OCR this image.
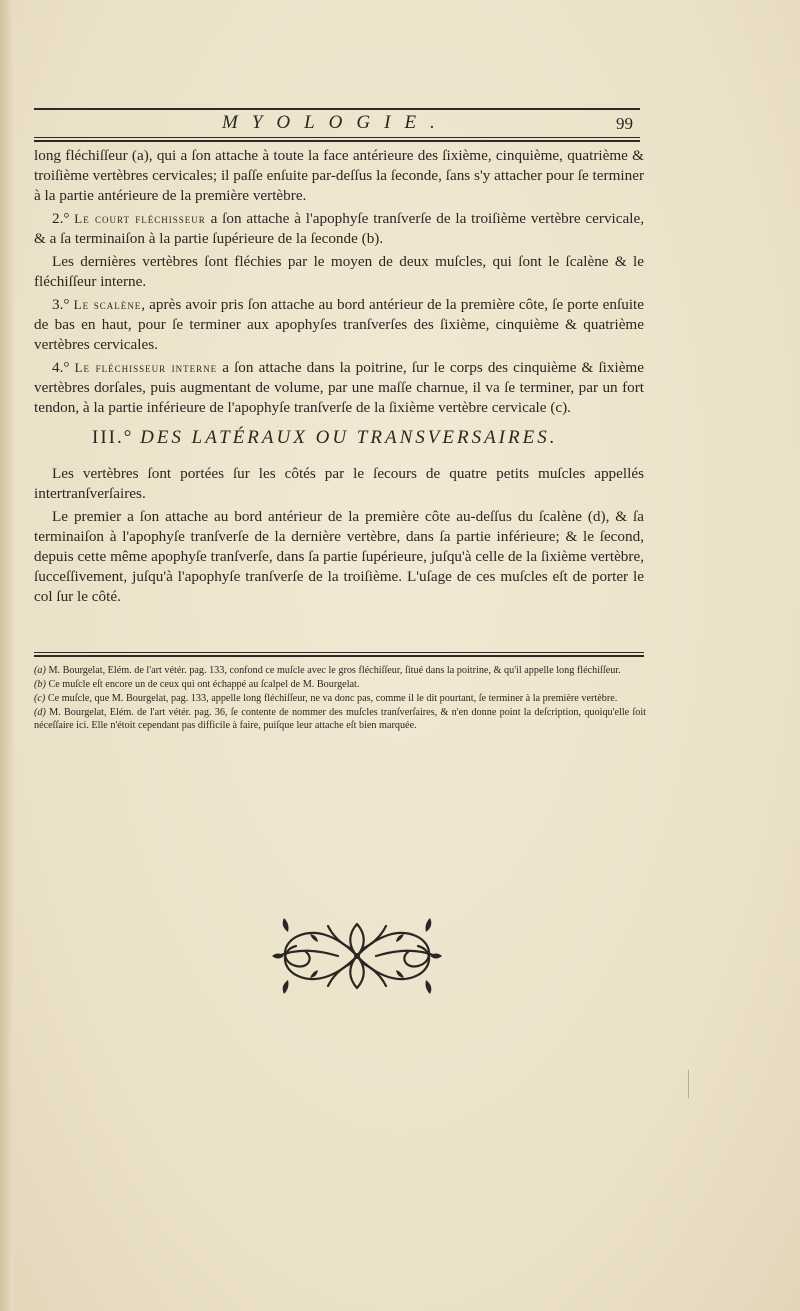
MYOLOGIE.	99

long fléchiſſeur (a), qui a ſon attache à toute la face antérieure des ſixième, cinquième, quatrième & troiſième vertèbres cervicales; il paſſe enſuite par-deſſus la ſeconde, ſans s'y attacher pour ſe terminer à la partie antérieure de la première vertèbre.

2.° Le court fléchisseur a ſon attache à l'apophyſe tranſverſe de la troiſième vertèbre cervicale, & a ſa terminaiſon à la partie ſupérieure de la ſeconde (b).

Les dernières vertèbres ſont fléchies par le moyen de deux muſcles, qui ſont le ſcalène & le fléchiſſeur interne.

3.° Le scalène, après avoir pris ſon attache au bord antérieur de la première côte, ſe porte enſuite de bas en haut, pour ſe terminer aux apophyſes tranſverſes des ſixième, cinquième & quatrième vertèbres cervicales.

4.° Le fléchisseur interne a ſon attache dans la poitrine, ſur le corps des cinquième & ſixième vertèbres dorſales, puis augmentant de volume, par une maſſe charnue, il va ſe terminer, par un fort tendon, à la partie inférieure de l'apophyſe tranſverſe de la ſixième vertèbre cervicale (c).

III.° DES LATÉRAUX OU TRANSVERSAIRES.

Les vertèbres ſont portées ſur les côtés par le ſecours de quatre petits muſcles appellés intertranſverſaires.

Le premier a ſon attache au bord antérieur de la première côte au-deſſus du ſcalène (d), & ſa terminaiſon à l'apophyſe tranſverſe de la dernière vertèbre, dans ſa partie inférieure; & le ſecond, depuis cette même apophyſe tranſverſe, dans ſa partie ſupérieure, juſqu'à celle de la ſixième vertèbre, ſucceſſivement, juſqu'à l'apophyſe tranſverſe de la troiſième. L'uſage de ces muſcles eſt de porter le col ſur le côté.

(a) M. Bourgelat, Elém. de l'art vétér. pag. 133, confond ce muſcle avec le gros fléchiſſeur, ſitué dans la poitrine, & qu'il appelle long fléchiſſeur.

(b) Ce muſcle eſt encore un de ceux qui ont échappé au ſcalpel de M. Bourgelat.

(c) Ce muſcle, que M. Bourgelat, pag. 133, appelle long fléchiſſeur, ne va donc pas, comme il le dit pourtant, ſe terminer à la première vertèbre.

(d) M. Bourgelat, Elém. de l'art vétér. pag. 36, ſe contente de nommer des muſcles tranſverſaires, & n'en donne point la deſcription, quoiqu'elle ſoit néceſſaire ici. Elle n'étoit cependant pas difficile à faire, puiſque leur attache eſt bien marquée.
